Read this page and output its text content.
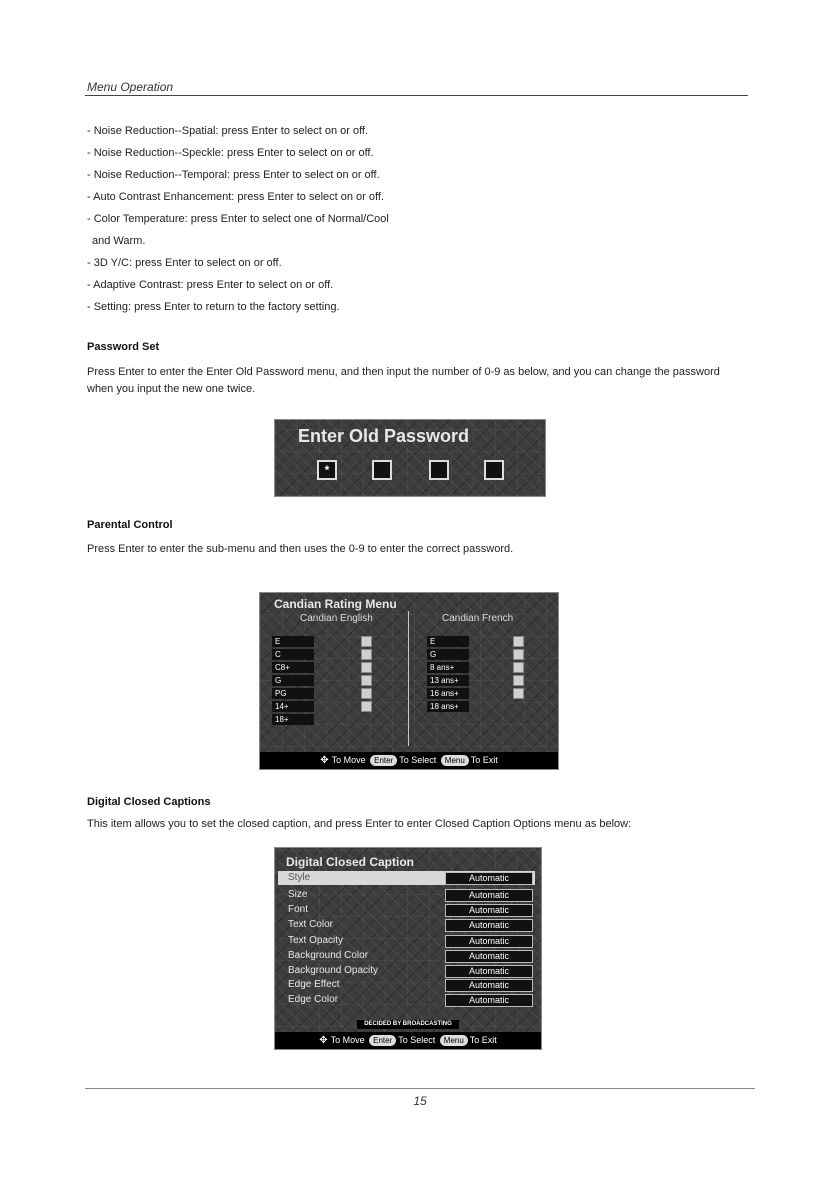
Menu Operation
- Noise Reduction--Spatial: press Enter to select on or off.
- Noise Reduction--Speckle: press Enter to select on or off.
- Noise Reduction--Temporal: press Enter to select on or off.
- Auto Contrast Enhancement: press Enter to select on or off.
- Color Temperature: press Enter to select one of Normal/Cool
and Warm.
- 3D Y/C: press Enter to select on or off.
- Adaptive Contrast: press Enter to select on or off.
- Setting: press Enter to return to the factory setting.
Password Set
Press Enter to enter the Enter Old Password menu, and then input the number of 0-9 as below, and you can change the password when you input the new one twice.
Enter Old Password
*
Parental Control
Press Enter to enter the sub-menu and then uses the 0-9 to enter the correct password.
Candian Rating Menu
Candian English	Candian French
E
C
C8+
G
PG
14+
18+
E
G
8 ans+
13 ans+
16 ans+
18 ans+
✥ To Move Enter To Select Menu To Exit
Digital Closed Captions
This item allows you to set the closed caption, and press Enter to enter Closed Caption Options menu as below:
Digital Closed Caption
Style	Automatic
Size	Automatic
Font	Automatic
Text Color	Automatic
Text Opacity	Automatic
Background Color	Automatic
Background Opacity	Automatic
Edge Effect	Automatic
Edge Color	Automatic
DECIDED BY BROADCASTING
✥ To Move Enter To Select Menu To Exit
15
